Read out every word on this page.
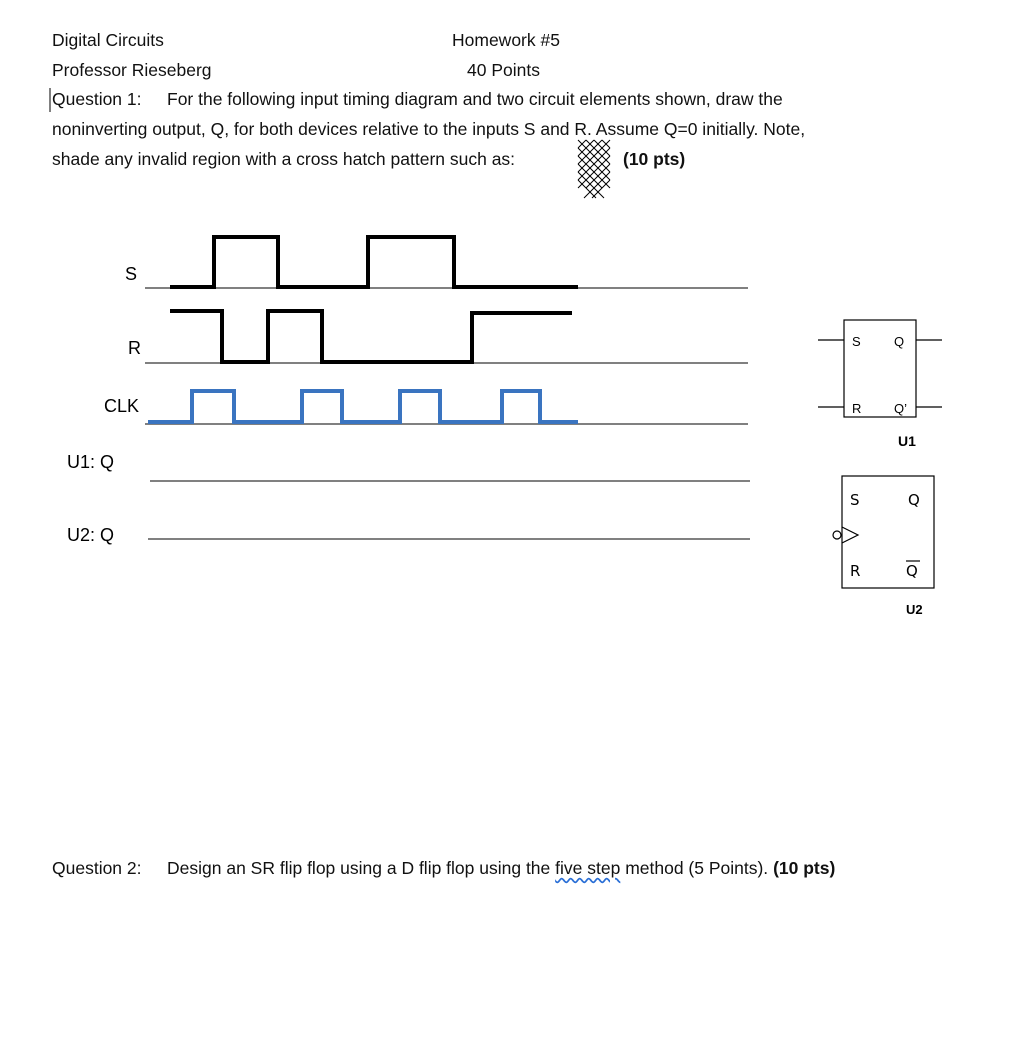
Digital Circuits
Professor Rieseberg
Homework #5
40 Points
Question 1: For the following input timing diagram and two circuit elements shown, draw the
noninverting output, Q, for both devices relative to the inputs S and R. Assume Q=0 initially. Note,
shade any invalid region with a cross hatch pattern such as:	(10 pts)
S
R
CLK
U1: Q
U2: Q
S	Q
R	Q’
U1
S	Q
R	Q
U2
Question 2: Design an SR flip flop using a D flip flop using the five step method (5 Points). (10 pts)
